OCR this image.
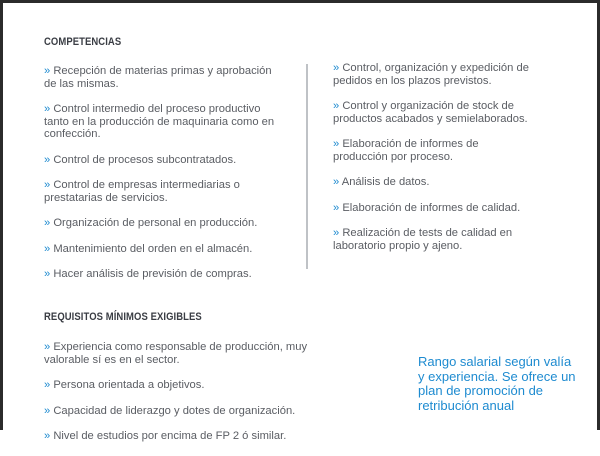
COMPETENCIAS

» Recepción de materias primas y aprobación de las mismas.

» Control intermedio del proceso productivo tanto en la producción de maquinaria como en confección.

» Control de procesos subcontratados.

» Control de empresas intermediarias o prestatarias de servicios.

» Organización de personal en producción.

» Mantenimiento del orden en el almacén.

» Hacer análisis de previsión de compras.

» Control, organización y expedición de pedidos en los plazos previstos.

» Control y organización de stock de productos acabados y semielaborados.

» Elaboración de informes de producción por proceso.

» Análisis de datos.

» Elaboración de informes de calidad.

» Realización de tests de calidad en laboratorio propio y ajeno.

REQUISITOS MÍNIMOS EXIGIBLES

» Experiencia como responsable de producción, muy valorable sí es en el sector.

» Persona orientada a objetivos.

» Capacidad de liderazgo y dotes de organización.

» Nivel de estudios por encima de FP 2 ó similar.

Rango salarial según valía y experiencia. Se ofrece un plan de promoción de retribución anual
